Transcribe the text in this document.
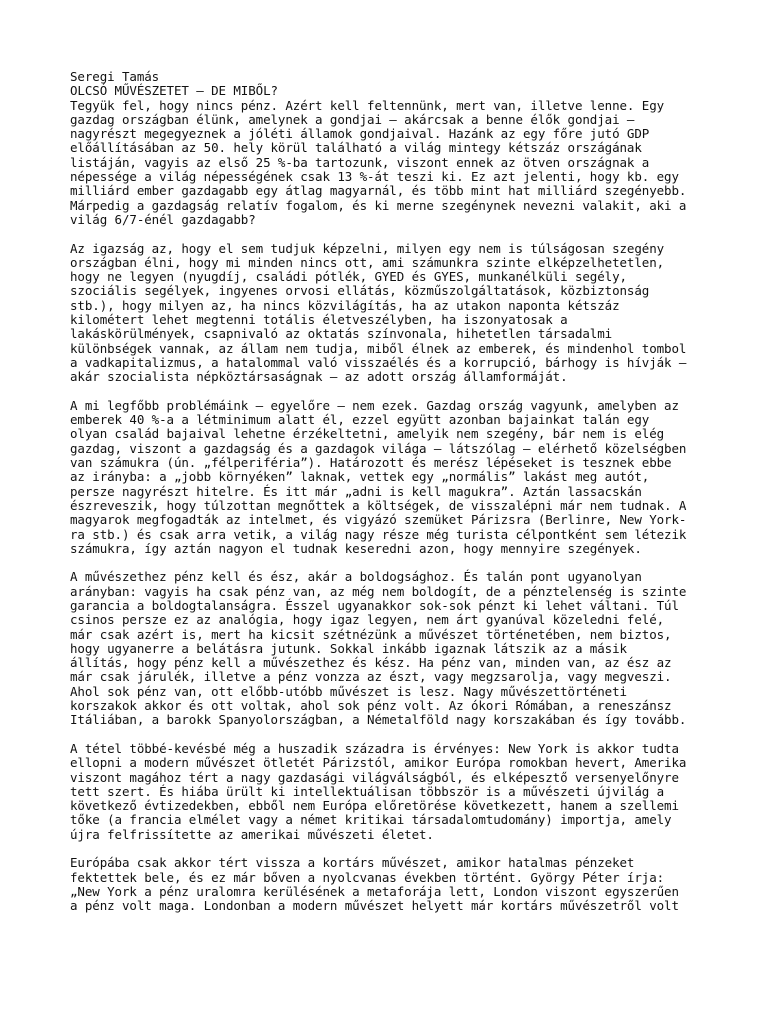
Seregi Tamás
OLCSÓ MŰVÉSZETET – DE MIBŐL?
Tegyük fel, hogy nincs pénz. Azért kell feltennünk, mert van, illetve lenne. Egy
gazdag országban élünk, amelynek a gondjai – akárcsak a benne élők gondjai –
nagyrészt megegyeznek a jóléti államok gondjaival. Hazánk az egy főre jutó GDP
előállításában az 50. hely körül található a világ mintegy kétszáz országának
listáján, vagyis az első 25 %-ba tartozunk, viszont ennek az ötven országnak a
népessége a világ népességének csak 13 %-át teszi ki. Ez azt jelenti, hogy kb. egy
milliárd ember gazdagabb egy átlag magyarnál, és több mint hat milliárd szegényebb.
Márpedig a gazdagság relatív fogalom, és ki merne szegénynek nevezni valakit, aki a
világ 6/7-énél gazdagabb?
Az igazság az, hogy el sem tudjuk képzelni, milyen egy nem is túlságosan szegény
országban élni, hogy mi minden nincs ott, ami számunkra szinte elképzelhetetlen,
hogy ne legyen (nyugdíj, családi pótlék, GYED és GYES, munkanélküli segély,
szociális segélyek, ingyenes orvosi ellátás, közműszolgáltatások, közbiztonság
stb.), hogy milyen az, ha nincs közvilágítás, ha az utakon naponta kétszáz
kilométert lehet megtenni totális életveszélyben, ha iszonyatosak a
lakáskörülmények, csapnivaló az oktatás színvonala, hihetetlen társadalmi
különbségek vannak, az állam nem tudja, miből élnek az emberek, és mindenhol tombol
a vadkapitalizmus, a hatalommal való visszaélés és a korrupció, bárhogy is hívják –
akár szocialista népköztársaságnak – az adott ország államformáját.
A mi legfőbb problémáink – egyelőre – nem ezek. Gazdag ország vagyunk, amelyben az
emberek 40 %-a a létminimum alatt él, ezzel együtt azonban bajainkat talán egy
olyan család bajaival lehetne érzékeltetni, amelyik nem szegény, bár nem is elég
gazdag, viszont a gazdagság és a gazdagok világa – látszólag – elérhető közelségben
van számukra (ún. „félperiféria”). Határozott és merész lépéseket is tesznek ebbe
az irányba: a „jobb környéken” laknak, vettek egy „normális” lakást meg autót,
persze nagyrészt hitelre. És itt már „adni is kell magukra”. Aztán lassacskán
észreveszik, hogy túlzottan megnőttek a költségek, de visszalépni már nem tudnak. A
magyarok megfogadták az intelmet, és vigyázó szemüket Párizsra (Berlinre, New York-
ra stb.) és csak arra vetik, a világ nagy része még turista célpontként sem létezik
számukra, így aztán nagyon el tudnak keseredni azon, hogy mennyire szegények.
A művészethez pénz kell és ész, akár a boldogsághoz. És talán pont ugyanolyan
arányban: vagyis ha csak pénz van, az még nem boldogít, de a pénztelenség is szinte
garancia a boldogtalanságra. Ésszel ugyanakkor sok-sok pénzt ki lehet váltani. Túl
csinos persze ez az analógia, hogy igaz legyen, nem árt gyanúval közeledni felé,
már csak azért is, mert ha kicsit szétnézünk a művészet történetében, nem biztos,
hogy ugyanerre a belátásra jutunk. Sokkal inkább igaznak látszik az a másik
állítás, hogy pénz kell a művészethez és kész. Ha pénz van, minden van, az ész az
már csak járulék, illetve a pénz vonzza az észt, vagy megzsarolja, vagy megveszi.
Ahol sok pénz van, ott előbb-utóbb művészet is lesz. Nagy művészettörténeti
korszakok akkor és ott voltak, ahol sok pénz volt. Az ókori Rómában, a reneszánsz
Itáliában, a barokk Spanyolországban, a Németalföld nagy korszakában és így tovább.
A tétel többé-kevésbé még a huszadik századra is érvényes: New York is akkor tudta
ellopni a modern művészet ötletét Párizstól, amikor Európa romokban hevert, Amerika
viszont magához tért a nagy gazdasági világválságból, és elképesztő versenyelőnyre
tett szert. És hiába ürült ki intellektuálisan többször is a művészeti újvilág a
következő évtizedekben, ebből nem Európa előretörése következett, hanem a szellemi
tőke (a francia elmélet vagy a német kritikai társadalomtudomány) importja, amely
újra felfrissítette az amerikai művészeti életet.
Európába csak akkor tért vissza a kortárs művészet, amikor hatalmas pénzeket
fektettek bele, és ez már bőven a nyolcvanas években történt. György Péter írja:
„New York a pénz uralomra kerülésének a metaforája lett, London viszont egyszerűen
a pénz volt maga. Londonban a modern művészet helyett már kortárs művészetről volt
